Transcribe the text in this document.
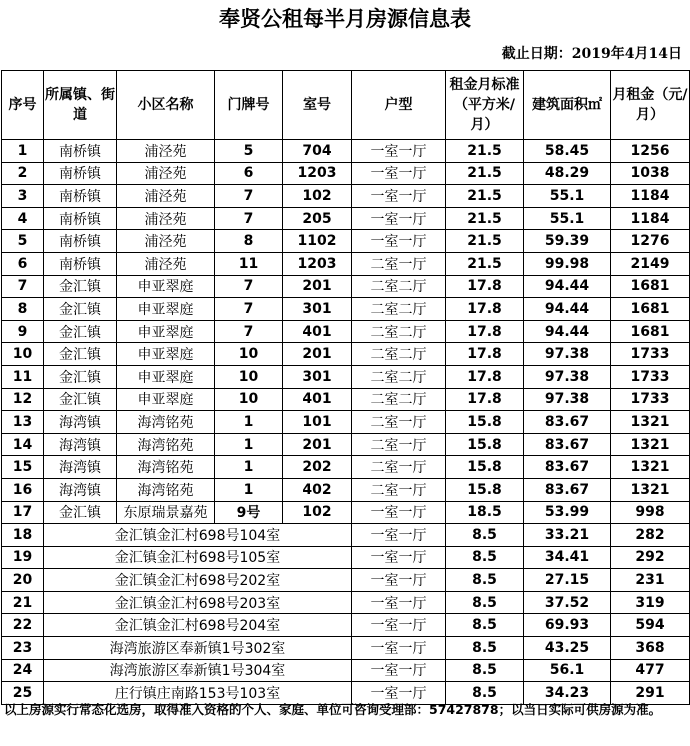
奉贤公租每半月房源信息表
截止日期：2019年4月14日
序号	所属镇、街道	小区名称	门牌号	室号	户型	租金月标准（平方米/月）	建筑面积㎡	月租金（元/月）
1	南桥镇	浦泾苑	5	704	一室一厅	21.5	58.45	1256
2	南桥镇	浦泾苑	6	1203	一室一厅	21.5	48.29	1038
3	南桥镇	浦泾苑	7	102	一室一厅	21.5	55.1	1184
4	南桥镇	浦泾苑	7	205	一室一厅	21.5	55.1	1184
5	南桥镇	浦泾苑	8	1102	一室一厅	21.5	59.39	1276
6	南桥镇	浦泾苑	11	1203	二室一厅	21.5	99.98	2149
7	金汇镇	申亚翠庭	7	201	二室二厅	17.8	94.44	1681
8	金汇镇	申亚翠庭	7	301	二室二厅	17.8	94.44	1681
9	金汇镇	申亚翠庭	7	401	二室二厅	17.8	94.44	1681
10	金汇镇	申亚翠庭	10	201	二室二厅	17.8	97.38	1733
11	金汇镇	申亚翠庭	10	301	二室二厅	17.8	97.38	1733
12	金汇镇	申亚翠庭	10	401	二室二厅	17.8	97.38	1733
13	海湾镇	海湾铭苑	1	101	二室一厅	15.8	83.67	1321
14	海湾镇	海湾铭苑	1	201	二室一厅	15.8	83.67	1321
15	海湾镇	海湾铭苑	1	202	二室一厅	15.8	83.67	1321
16	海湾镇	海湾铭苑	1	402	二室一厅	15.8	83.67	1321
17	金汇镇	东原瑞景嘉苑	9号	102	一室一厅	18.5	53.99	998
18	金汇镇金汇村698号104室				一室一厅	8.5	33.21	282
19	金汇镇金汇村698号105室				一室一厅	8.5	34.41	292
20	金汇镇金汇村698号202室				一室一厅	8.5	27.15	231
21	金汇镇金汇村698号203室				一室一厅	8.5	37.52	319
22	金汇镇金汇村698号204室				一室一厅	8.5	69.93	594
23	海湾旅游区奉新镇1号302室				一室一厅	8.5	43.25	368
24	海湾旅游区奉新镇1号304室				一室一厅	8.5	56.1	477
25	庄行镇庄南路153号103室				一室一厅	8.5	34.23	291
以上房源实行常态化选房，取得准入资格的个人、家庭、单位可咨询受理部：57427878；以当日实际可供房源为准。
